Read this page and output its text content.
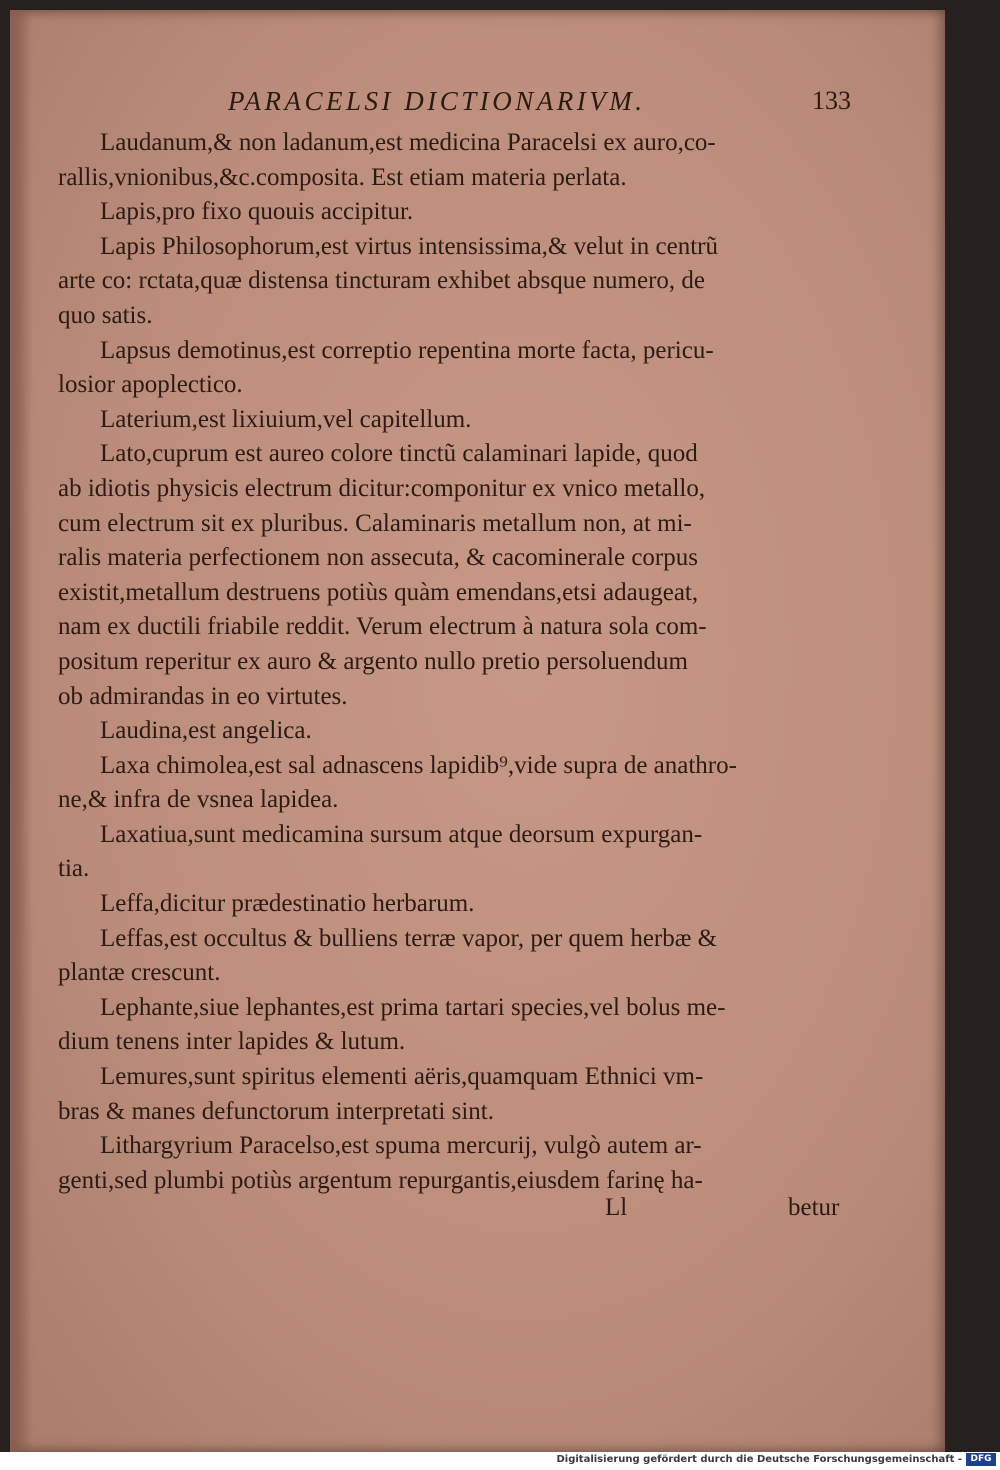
PARACELSI DICTIONARIVM.	133
Laudanum,& non ladanum,est medicina Paracelsi ex auro,co-
rallis,vnionibus,&c.composita. Est etiam materia perlata.
Lapis,pro fixo quouis accipitur.
Lapis Philosophorum,est virtus intensissima,& velut in centrũ
arte co: rctata,quæ distensa tincturam exhibet absque numero, de
quo satis.
Lapsus demotinus,est correptio repentina morte facta, pericu-
losior apoplectico.
Laterium,est lixiuium,vel capitellum.
Lato,cuprum est aureo colore tinctũ calaminari lapide, quod
ab idiotis physicis electrum dicitur:componitur ex vnico metallo,
cum electrum sit ex pluribus. Calaminaris metallum non, at mi-
ralis materia perfectionem non assecuta, & cacominerale corpus
existit,metallum destruens potiùs quàm emendans,etsi adaugeat,
nam ex ductili friabile reddit. Verum electrum à natura sola com-
positum reperitur ex auro & argento nullo pretio persoluendum
ob admirandas in eo virtutes.
Laudina,est angelica.
Laxa chimolea,est sal adnascens lapidib⁹,vide supra de anathro-
ne,& infra de vsnea lapidea.
Laxatiua,sunt medicamina sursum atque deorsum expurgan-
tia.
Leffa,dicitur prædestinatio herbarum.
Leffas,est occultus & bulliens terræ vapor, per quem herbæ &
plantæ crescunt.
Lephante,siue lephantes,est prima tartari species,vel bolus me-
dium tenens inter lapides & lutum.
Lemures,sunt spiritus elementi aëris,quamquam Ethnici vm-
bras & manes defunctorum interpretati sint.
Lithargyrium Paracelso,est spuma mercurij, vulgò autem ar-
genti,sed plumbi potiùs argentum repurgantis,eiusdem farinę ha-
Ll	betur
Digitalisierung gefördert durch die Deutsche Forschungsgemeinschaft - DFG
